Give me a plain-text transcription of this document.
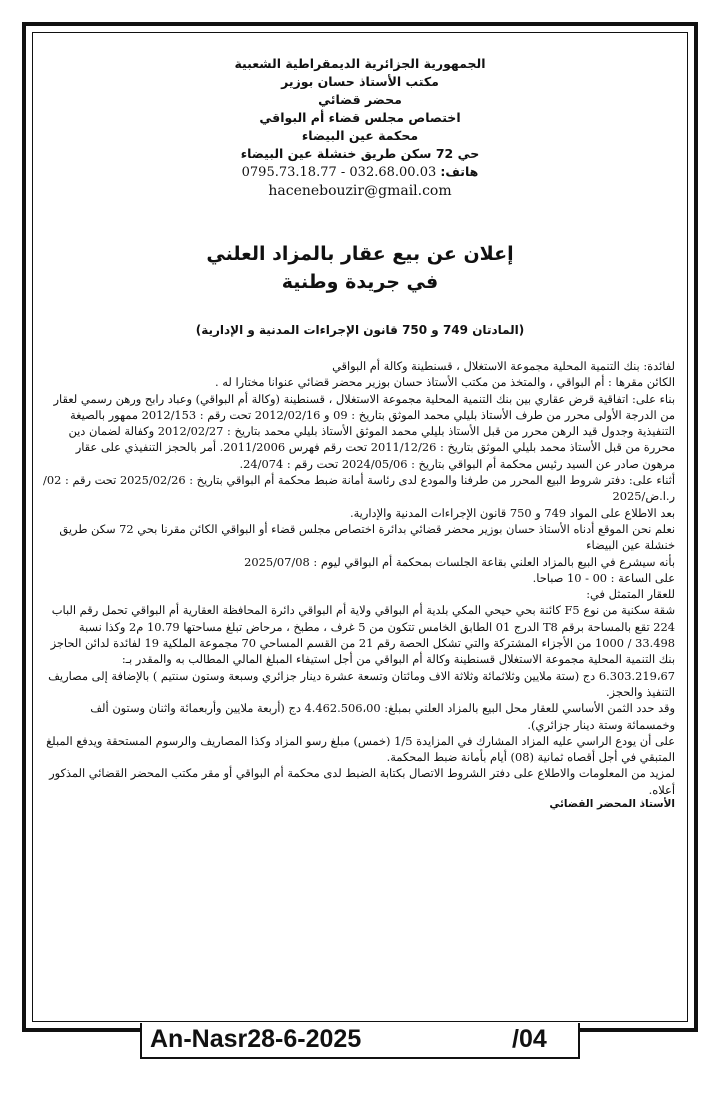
الجمهورية الجزائرية الديمقراطية الشعبية
مكتب الأستاذ حسان بوزير
محضر قضائي
اختصاص مجلس قضاء أم البواقي
محكمة عين البيضاء
حي 72 سكن طريق خنشلة عين البيضاء
هاتف: 0795.73.18.77 - 032.68.00.03
hacenebouzir@gmail.com
إعلان عن بيع عقار بالمزاد العلني
في جريدة وطنية
(المادتان 749 و 750 قانون الإجراءات المدنية و الإدارية)

لفائدة: بنك التنمية المحلية مجموعة الاستغلال ، قسنطينة وكالة أم البواقي

الكائن مقرها : أم البواقي ، والمتخذ من مكتب الأستاذ حسان بوزير محضر قضائي عنوانا مختارا له .

بناء على: اتفاقية قرض عقاري بين بنك التنمية المحلية مجموعة الاستغلال ، قسنطينة (وكالة أم البواقي) وعباد رابح ورهن رسمي لعقار من الدرجة الأولى محرر من طرف الأستاذ بليلي محمد الموثق بتاريخ : 09 و 2012/02/16 تحت رقم : 2012/153 ممهور بالصيغة التنفيذية وجدول قيد الرهن محرر من قبل الأستاذ بليلي محمد الموثق الأستاذ بليلي محمد بتاريخ : 2012/02/27 وكفالة لضمان دين محررة من قبل الأستاذ محمد بليلي الموثق بتاريخ : 2011/12/26 تحت رقم فهرس 2011/2006. أمر بالحجز التنفيذي على عقار مرهون صادر عن السيد رئيس محكمة أم البواقي بتاريخ : 2024/05/06 تحت رقم : 24/074.

أثناء على: دفتر شروط البيع المحرر من طرفنا والمودع لدى رئاسة أمانة ضبط محكمة أم البواقي بتاريخ : 2025/02/26 تحت رقم : 02/ ر.ا.ض/2025

بعد الاطلاع على المواد 749 و 750 قانون الإجراءات المدنية والإدارية.

نعلم نحن الموقع أدناه الأستاذ حسان بوزير محضر قضائي بدائرة اختصاص مجلس قضاء أو البواقي الكائن مقرنا بحي 72 سكن طريق خنشلة عين البيضاء

بأنه سيشرع في البيع بالمزاد العلني بقاعة الجلسات بمحكمة أم البواقي ليوم : 2025/07/08

على الساعة : 00 - 10 صباحا.

للعقار المتمثل في:

شقة سكنية من نوع F5 كائنة بحي حيحي المكي بلدية أم البواقي ولاية أم البواقي دائرة المحافظة العقارية أم البواقي تحمل رقم الباب 224 تقع بالمساحة برقم T8 الدرج 01 الطابق الخامس تتكون من 5 غرف ، مطبخ ، مرحاض تبلغ مساحتها 10.79 م2 وكذا نسبة 33.498 / 1000 من الأجزاء المشتركة والتي تشكل الحصة رقم 21 من القسم المساحي 70 مجموعة الملكية 19 لفائدة لدائن الحاجز بنك التنمية المحلية مجموعة الاستغلال قسنطينة وكالة أم البواقي من أجل استيفاء المبلغ المالي المطالب به والمقدر بـ: 6.303.219،67 دج (ستة ملايين وثلاثمائة وثلاثة الاف ومائتان وتسعة عشرة دينار جزائري وسبعة وستون سنتيم ) بالإضافة إلى مصاريف التنفيذ والحجز.

وقد حدد الثمن الأساسي للعقار محل البيع بالمزاد العلني بمبلغ: 4.462.506،00 دج (أربعة ملايين وأربعمائة واثنان وستون ألف وخمسمائة وستة دينار جزائري).

على أن يودع الراسي عليه المزاد المشارك في المزايدة 1/5 (خمس) مبلغ رسو المزاد وكذا المصاريف والرسوم المستحقة ويدفع المبلغ المتبقي في أجل أقصاه ثمانية (08) أيام بأمانة ضبط المحكمة.

لمزيد من المعلومات والاطلاع على دفتر الشروط الاتصال بكتابة الضبط لدى محكمة أم البواقي أو مقر مكتب المحضر القضائي المذكور أعلاه.

الأستاذ المحضر القضائي
An-Nasr28-6-2025	/04
